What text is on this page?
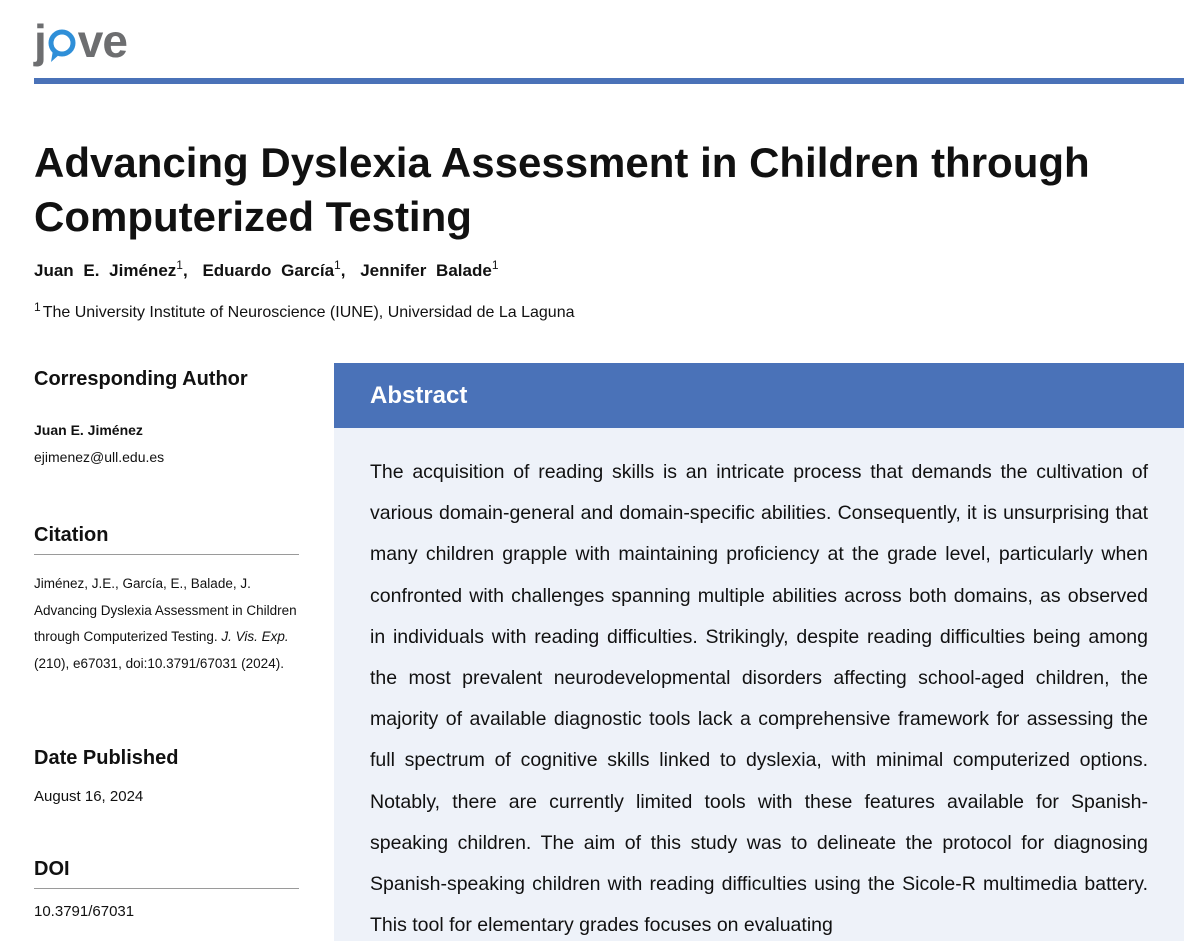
j ve
Advancing Dyslexia Assessment in Children through Computerized Testing
Juan E. Jiménez$^1$, Eduardo García$^1$, Jennifer Balade$^1$
$^1$ The University Institute of Neuroscience (IUNE), Universidad de La Laguna
Corresponding Author
Juan E. Jiménez
ejimenez@ull.edu.es
Citation
Jiménez, J.E., García, E., Balade, J. Advancing Dyslexia Assessment in Children through Computerized Testing. J. Vis. Exp. (210), e67031, doi:10.3791/67031 (2024).
Date Published
August 16, 2024
DOI
10.3791/67031
Abstract
The acquisition of reading skills is an intricate process that demands the cultivation of various domain-general and domain-specific abilities. Consequently, it is unsurprising that many children grapple with maintaining proficiency at the grade level, particularly when confronted with challenges spanning multiple abilities across both domains, as observed in individuals with reading difficulties. Strikingly, despite reading difficulties being among the most prevalent neurodevelopmental disorders affecting school-aged children, the majority of available diagnostic tools lack a comprehensive framework for assessing the full spectrum of cognitive skills linked to dyslexia, with minimal computerized options. Notably, there are currently limited tools with these features available for Spanish-speaking children. The aim of this study was to delineate the protocol for diagnosing Spanish-speaking children with reading difficulties using the Sicole-R multimedia battery. This tool for elementary grades focuses on evaluating
